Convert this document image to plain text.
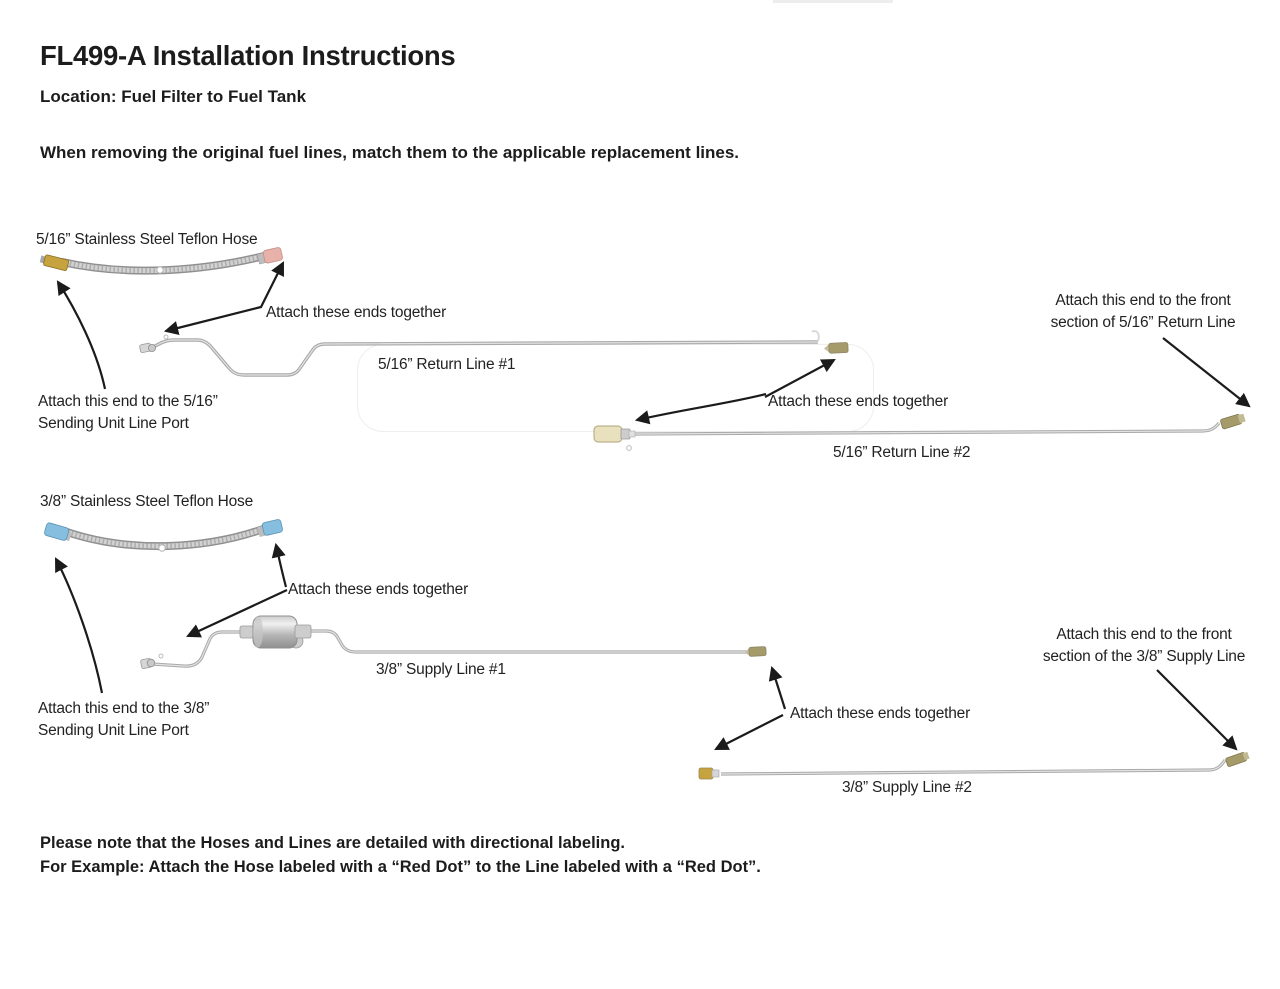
FL499-A Installation Instructions
Location: Fuel Filter to Fuel Tank
When removing the original fuel lines, match them to the applicable replacement lines.
5/16” Stainless Steel Teflon Hose
Attach these ends together
5/16” Return Line #1
Attach this end to the front
section of 5/16” Return Line
Attach this end to the 5/16”
Sending Unit Line Port
Attach these ends together
5/16” Return Line #2
3/8” Stainless Steel Teflon Hose
Attach these ends together
3/8” Supply Line #1
Attach this end to the front
section of the 3/8” Supply Line
Attach this end to the 3/8”
Sending Unit Line Port
Attach these ends together
3/8” Supply Line #2
Please note that the Hoses and Lines are detailed with directional labeling.
For Example: Attach the Hose labeled with a “Red Dot” to the Line labeled with a “Red Dot”.
